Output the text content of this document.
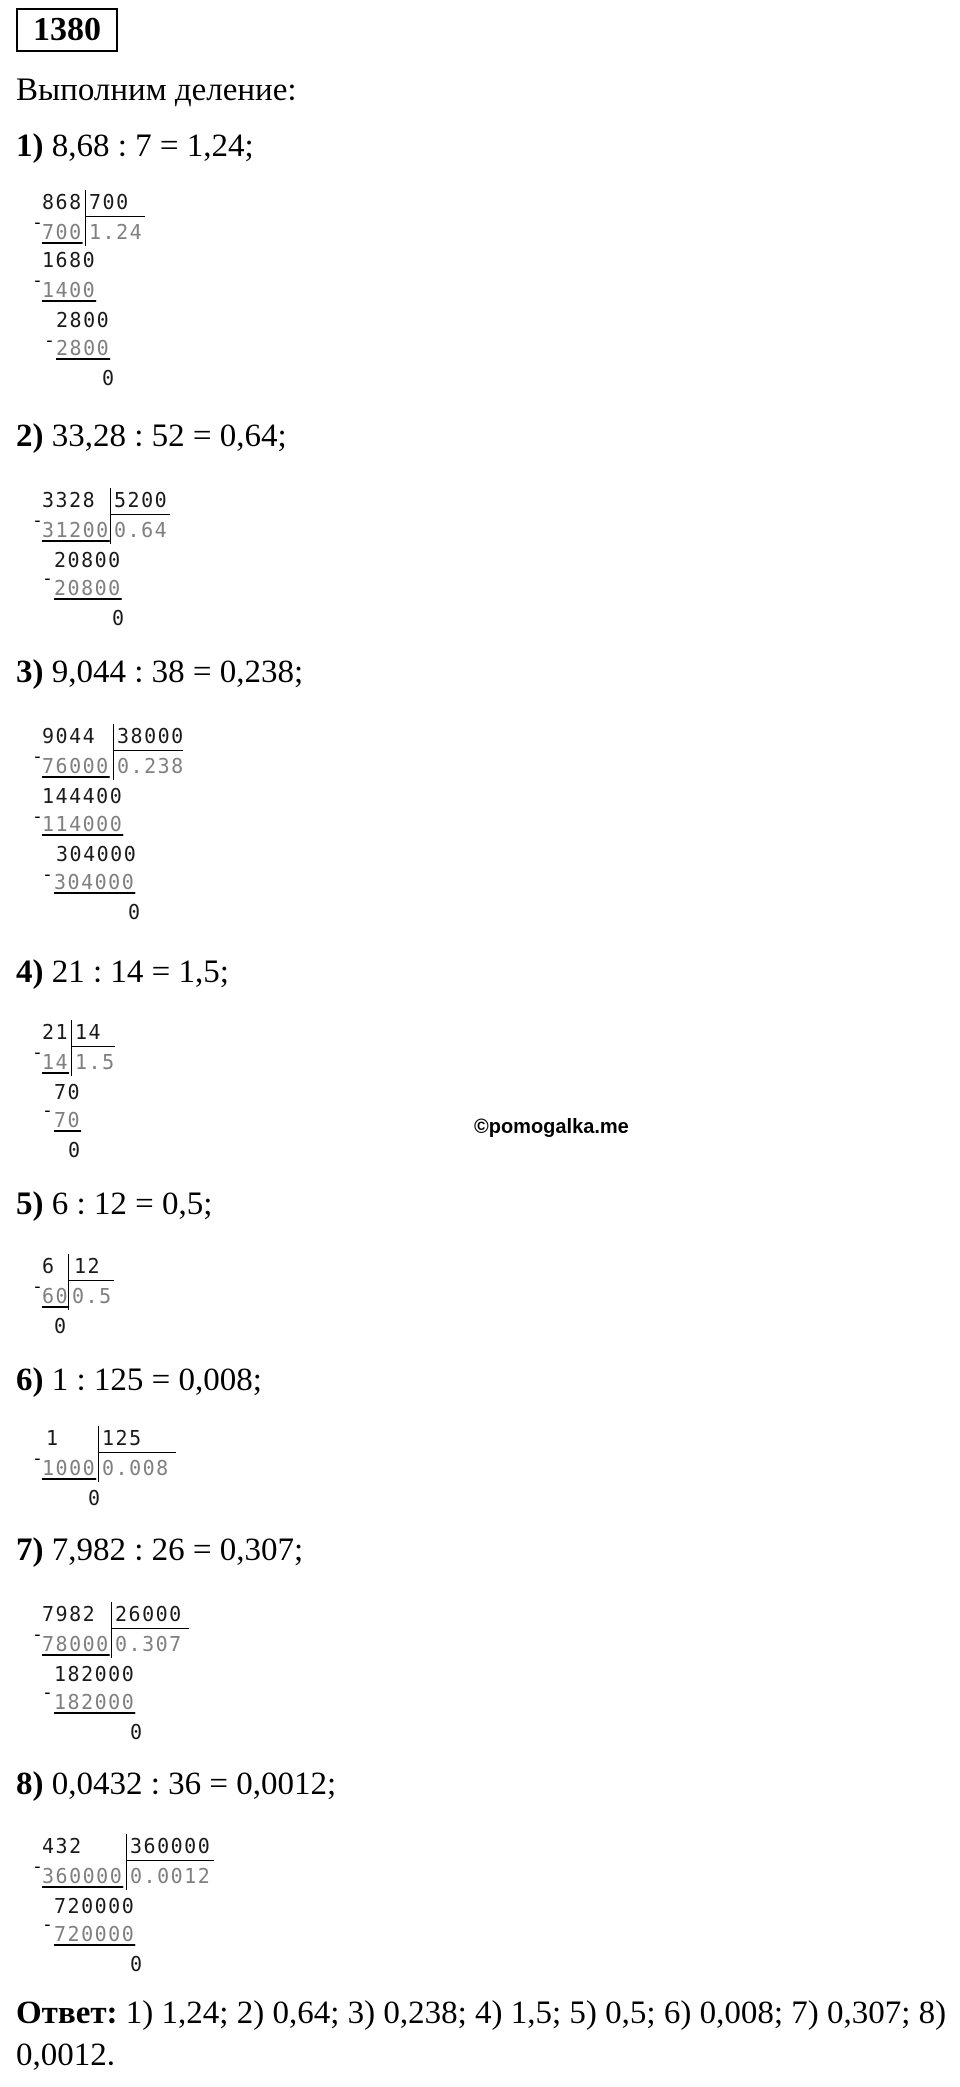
1380
Выполним деление:
1) 8,68 : 7 = 1,24;
2) 33,28 : 52 = 0,64;
3) 9,044 : 38 = 0,238;
4) 21 : 14 = 1,5;
5) 6 : 12 = 0,5;
6) 1 : 125 = 0,008;
7) 7,982 : 26 = 0,307;
8) 0,0432 : 36 = 0,0012;
868 700
1.24
- 700
1680
- 1400
2800
- 2800
0
3328 5200
0.64
- 31200
20800
- 20800
0
9044 38000
0.238
- 76000
144400
- 114000
304000
- 304000
0
21 14
1.5
- 14
70
- 70
0
6 12
0.5
- 60
0
1 125
0.008
- 1000
0
7982 26000
0.307
- 78000
182000
- 182000
0
432 360000
0.0012
- 360000
720000
- 720000
0
©pomogalka.me
Ответ: 1) 1,24; 2) 0,64; 3) 0,238; 4) 1,5; 5) 0,5; 6) 0,008; 7) 0,307; 8) 0,0012.
